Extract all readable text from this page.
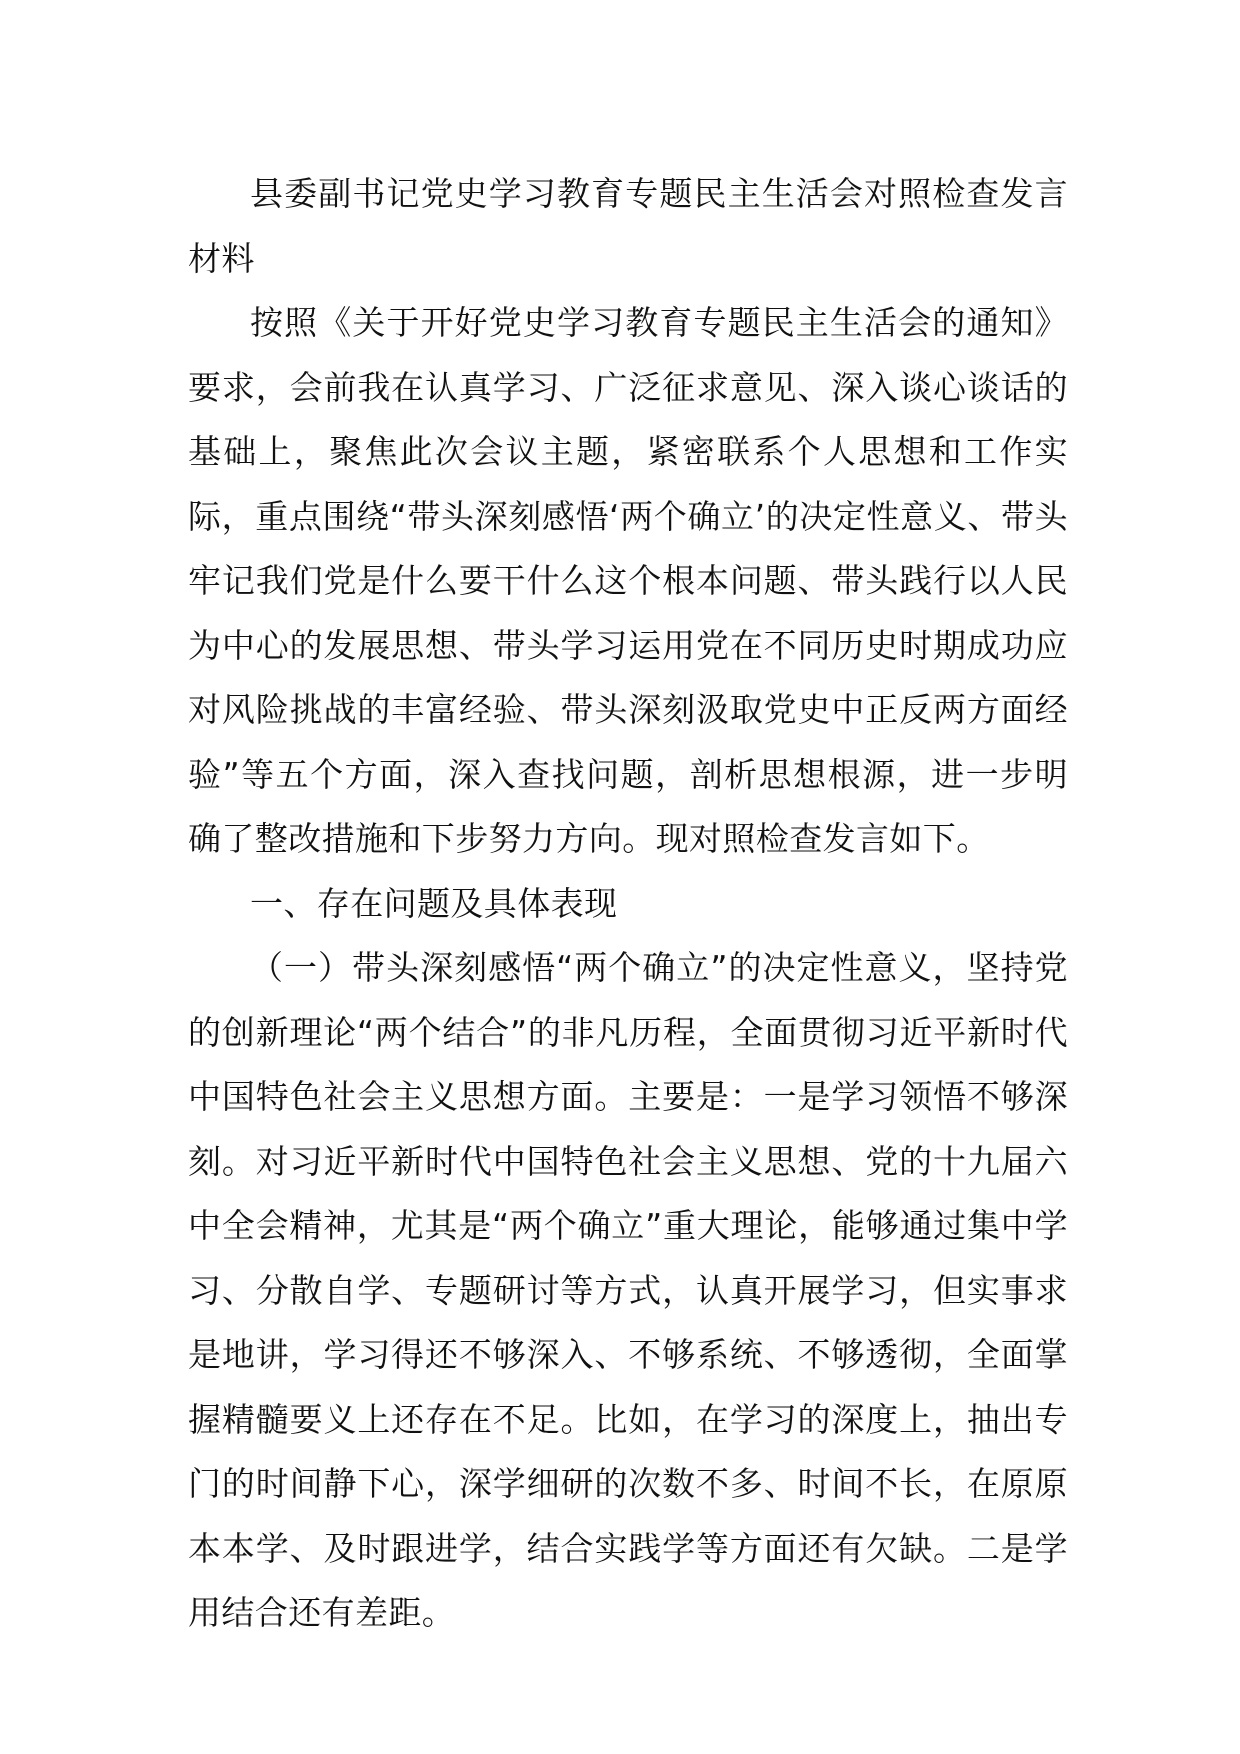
县委副书记党史学习教育专题民主生活会对照检查发言材料

按照《关于开好党史学习教育专题民主生活会的通知》要求，会前我在认真学习、广泛征求意见、深入谈心谈话的基础上，聚焦此次会议主题，紧密联系个人思想和工作实际，重点围绕“带头深刻感悟‘两个确立’的决定性意义、带头牢记我们党是什么要干什么这个根本问题、带头践行以人民为中心的发展思想、带头学习运用党在不同历史时期成功应对风险挑战的丰富经验、带头深刻汲取党史中正反两方面经验”等五个方面，深入查找问题，剖析思想根源，进一步明确了整改措施和下步努力方向。现对照检查发言如下。

一、存在问题及具体表现

（一）带头深刻感悟“两个确立”的决定性意义，坚持党的创新理论“两个结合”的非凡历程，全面贯彻习近平新时代中国特色社会主义思想方面。主要是：一是学习领悟不够深刻。对习近平新时代中国特色社会主义思想、党的十九届六中全会精神，尤其是“两个确立”重大理论，能够通过集中学习、分散自学、专题研讨等方式，认真开展学习，但实事求是地讲，学习得还不够深入、不够系统、不够透彻，全面掌握精髓要义上还存在不足。比如，在学习的深度上，抽出专门的时间静下心，深学细研的次数不多、时间不长，在原原本本学、及时跟进学，结合实践学等方面还有欠缺。二是学用结合还有差距。
